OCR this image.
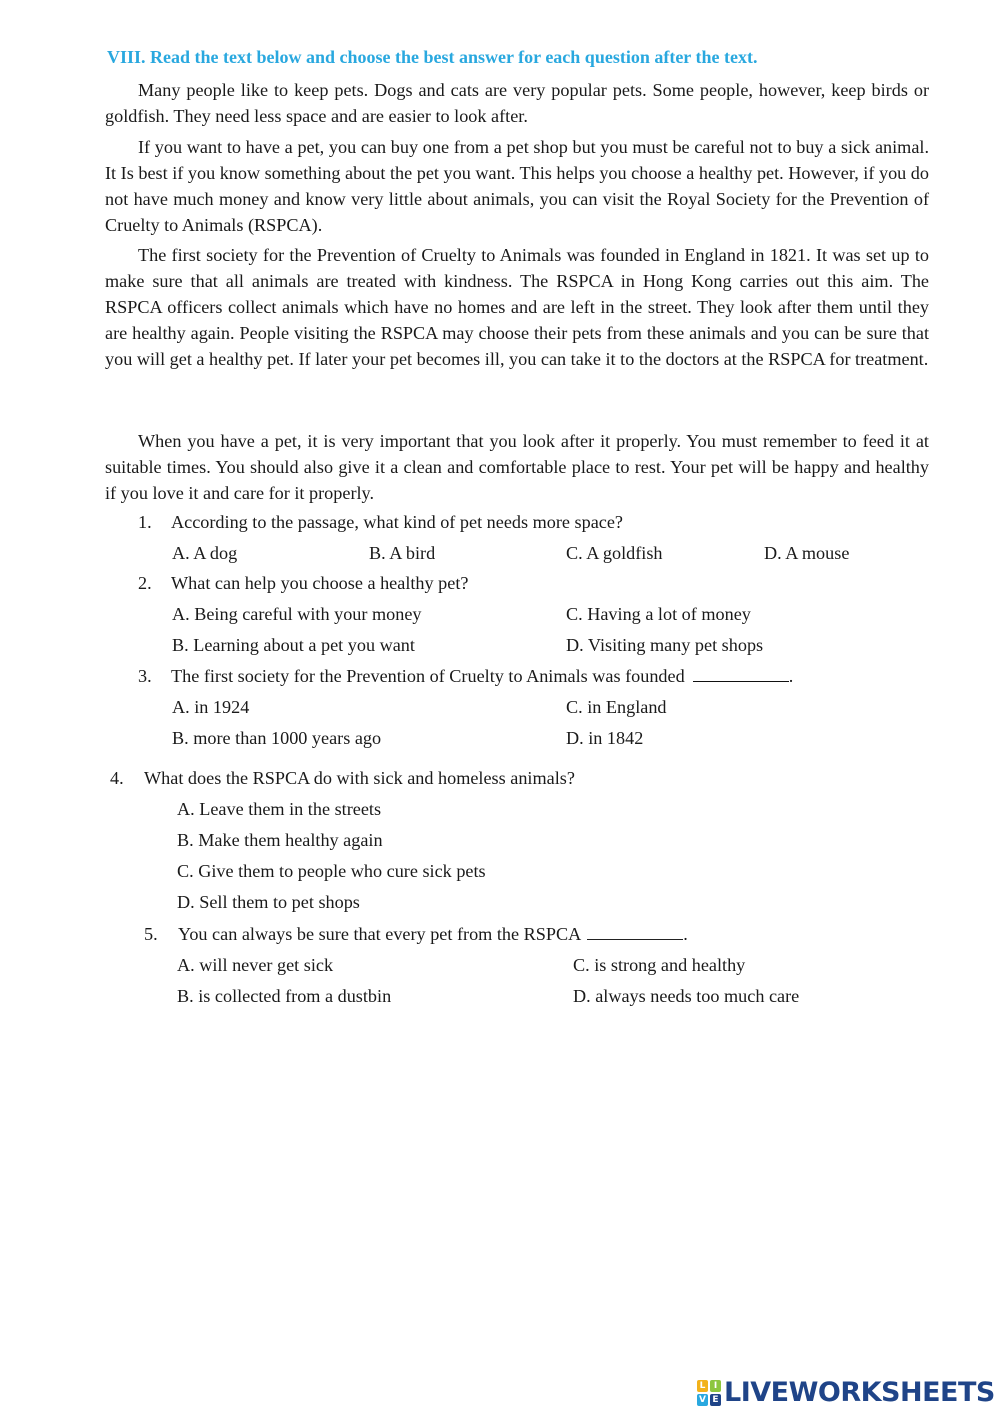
VIII. Read the text below and choose the best answer for each question after the text.

Many people like to keep pets. Dogs and cats are very popular pets. Some people, however, keep birds or goldfish. They need less space and are easier to look after.

If you want to have a pet, you can buy one from a pet shop but you must be careful not to buy a sick animal. It Is best if you know something about the pet you want. This helps you choose a healthy pet. However, if you do not have much money and know very little about animals, you can visit the Royal Society for the Prevention of Cruelty to Animals (RSPCA).

The first society for the Prevention of Cruelty to Animals was founded in England in 1821. It was set up to make sure that all animals are treated with kindness. The RSPCA in Hong Kong carries out this aim. The RSPCA officers collect animals which have no homes and are left in the street. They look after them until they are healthy again. People visiting the RSPCA may choose their pets from these animals and you can be sure that you will get a healthy pet. If later your pet becomes ill, you can take it to the doctors at the RSPCA for treatment.

When you have a pet, it is very important that you look after it properly. You must remember to feed it at suitable times. You should also give it a clean and comfortable place to rest. Your pet will be happy and healthy if you love it and care for it properly.

1. According to the passage, what kind of pet needs more space?
A. A dog	B. A bird	C. A goldfish	D. A mouse
2. What can help you choose a healthy pet?
A. Being careful with your money	C. Having a lot of money
B. Learning about a pet you want	D. Visiting many pet shops
3. The first society for the Prevention of Cruelty to Animals was founded	.
A. in 1924	C. in England
B. more than 1000 years ago	D. in 1842
4. What does the RSPCA do with sick and homeless animals?
A. Leave them in the streets
B. Make them healthy again
C. Give them to people who cure sick pets
D. Sell them to pet shops
5. You can always be sure that every pet from the RSPCA	.
A. will never get sick	C. is strong and healthy
B. is collected from a dustbin	D. always needs too much care
L I
V E LIVEWORKSHEETS
